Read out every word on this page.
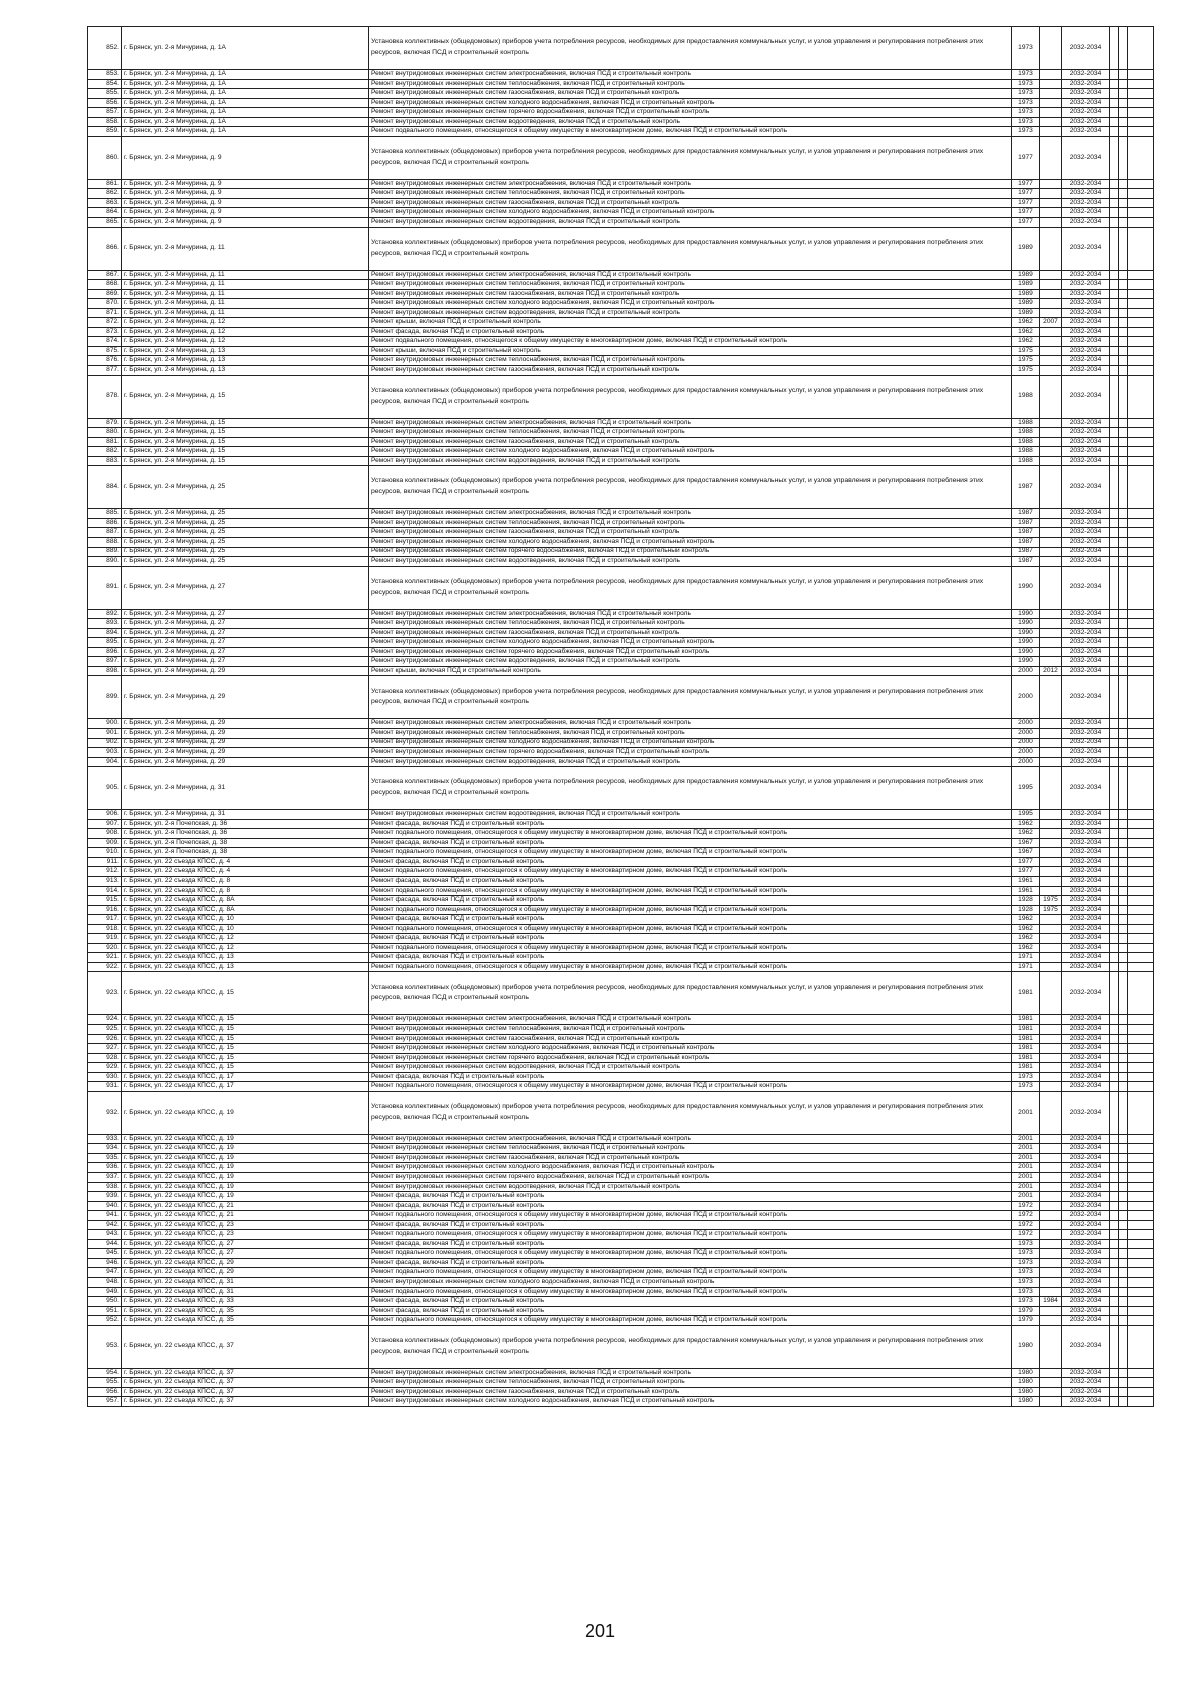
852.	г. Брянск, ул. 2-я Мичурина, д. 1А	Установка коллективных (общедомовых) приборов учета потребления ресурсов, необходимых для предоставления коммунальных услуг, и узлов управления и регулирования потребления этих ресурсов, включая ПСД и строительный контроль	1973		2032-2034			
853.	г. Брянск, ул. 2-я Мичурина, д. 1А	Ремонт внутридомовых инженерных систем электроснабжения, включая ПСД и строительный контроль	1973		2032-2034			
854.	г. Брянск, ул. 2-я Мичурина, д. 1А	Ремонт внутридомовых инженерных систем теплоснабжения, включая ПСД и строительный контроль	1973		2032-2034			
855.	г. Брянск, ул. 2-я Мичурина, д. 1А	Ремонт внутридомовых инженерных систем газоснабжения, включая ПСД и строительный контроль	1973		2032-2034			
856.	г. Брянск, ул. 2-я Мичурина, д. 1А	Ремонт внутридомовых инженерных систем холодного водоснабжения, включая ПСД и строительный контроль	1973		2032-2034			
857.	г. Брянск, ул. 2-я Мичурина, д. 1А	Ремонт внутридомовых инженерных систем горячего водоснабжения, включая ПСД и строительный контроль	1973		2032-2034			
858.	г. Брянск, ул. 2-я Мичурина, д. 1А	Ремонт внутридомовых инженерных систем водоотведения, включая ПСД и строительный контроль	1973		2032-2034			
859.	г. Брянск, ул. 2-я Мичурина, д. 1А	Ремонт подвального помещения, относящегося к общему имуществу в многоквартирном доме, включая ПСД и строительный контроль	1973		2032-2034			
860.	г. Брянск, ул. 2-я Мичурина, д. 9	Установка коллективных (общедомовых) приборов учета потребления ресурсов, необходимых для предоставления коммунальных услуг, и узлов управления и регулирования потребления этих ресурсов, включая ПСД и строительный контроль	1977		2032-2034			
861.	г. Брянск, ул. 2-я Мичурина, д. 9	Ремонт внутридомовых инженерных систем электроснабжения, включая ПСД и строительный контроль	1977		2032-2034			
862.	г. Брянск, ул. 2-я Мичурина, д. 9	Ремонт внутридомовых инженерных систем теплоснабжения, включая ПСД и строительный контроль	1977		2032-2034			
863.	г. Брянск, ул. 2-я Мичурина, д. 9	Ремонт внутридомовых инженерных систем газоснабжения, включая ПСД и строительный контроль	1977		2032-2034			
864.	г. Брянск, ул. 2-я Мичурина, д. 9	Ремонт внутридомовых инженерных систем холодного водоснабжения, включая ПСД и строительный контроль	1977		2032-2034			
865.	г. Брянск, ул. 2-я Мичурина, д. 9	Ремонт внутридомовых инженерных систем водоотведения, включая ПСД и строительный контроль	1977		2032-2034			
866.	г. Брянск, ул. 2-я Мичурина, д. 11	Установка коллективных (общедомовых) приборов учета потребления ресурсов, необходимых для предоставления коммунальных услуг, и узлов управления и регулирования потребления этих ресурсов, включая ПСД и строительный контроль	1989		2032-2034			
867.	г. Брянск, ул. 2-я Мичурина, д. 11	Ремонт внутридомовых инженерных систем электроснабжения, включая ПСД и строительный контроль	1989		2032-2034			
868.	г. Брянск, ул. 2-я Мичурина, д. 11	Ремонт внутридомовых инженерных систем теплоснабжения, включая ПСД и строительный контроль	1989		2032-2034			
869.	г. Брянск, ул. 2-я Мичурина, д. 11	Ремонт внутридомовых инженерных систем газоснабжения, включая ПСД и строительный контроль	1989		2032-2034			
870.	г. Брянск, ул. 2-я Мичурина, д. 11	Ремонт внутридомовых инженерных систем холодного водоснабжения, включая ПСД и строительный контроль	1989		2032-2034			
871.	г. Брянск, ул. 2-я Мичурина, д. 11	Ремонт внутридомовых инженерных систем водоотведения, включая ПСД и строительный контроль	1989		2032-2034			
872.	г. Брянск, ул. 2-я Мичурина, д. 12	Ремонт крыши, включая ПСД и строительный контроль	1962	2007	2032-2034			
873.	г. Брянск, ул. 2-я Мичурина, д. 12	Ремонт фасада, включая ПСД и строительный контроль	1962		2032-2034			
874.	г. Брянск, ул. 2-я Мичурина, д. 12	Ремонт подвального помещения, относящегося к общему имуществу в многоквартирном доме, включая ПСД и строительный контроль	1962		2032-2034			
875.	г. Брянск, ул. 2-я Мичурина, д. 13	Ремонт крыши, включая ПСД и строительный контроль	1975		2032-2034			
876.	г. Брянск, ул. 2-я Мичурина, д. 13	Ремонт внутридомовых инженерных систем теплоснабжения, включая ПСД и строительный контроль	1975		2032-2034			
877.	г. Брянск, ул. 2-я Мичурина, д. 13	Ремонт внутридомовых инженерных систем газоснабжения, включая ПСД и строительный контроль	1975		2032-2034			
878.	г. Брянск, ул. 2-я Мичурина, д. 15	Установка коллективных (общедомовых) приборов учета потребления ресурсов, необходимых для предоставления коммунальных услуг, и узлов управления и регулирования потребления этих ресурсов, включая ПСД и строительный контроль	1988		2032-2034			
879.	г. Брянск, ул. 2-я Мичурина, д. 15	Ремонт внутридомовых инженерных систем электроснабжения, включая ПСД и строительный контроль	1988		2032-2034			
880.	г. Брянск, ул. 2-я Мичурина, д. 15	Ремонт внутридомовых инженерных систем теплоснабжения, включая ПСД и строительный контроль	1988		2032-2034			
881.	г. Брянск, ул. 2-я Мичурина, д. 15	Ремонт внутридомовых инженерных систем газоснабжения, включая ПСД и строительный контроль	1988		2032-2034			
882.	г. Брянск, ул. 2-я Мичурина, д. 15	Ремонт внутридомовых инженерных систем холодного водоснабжения, включая ПСД и строительный контроль	1988		2032-2034			
883.	г. Брянск, ул. 2-я Мичурина, д. 15	Ремонт внутридомовых инженерных систем водоотведения, включая ПСД и строительный контроль	1988		2032-2034			
884.	г. Брянск, ул. 2-я Мичурина, д. 25	Установка коллективных (общедомовых) приборов учета потребления ресурсов, необходимых для предоставления коммунальных услуг, и узлов управления и регулирования потребления этих ресурсов, включая ПСД и строительный контроль	1987		2032-2034			
885.	г. Брянск, ул. 2-я Мичурина, д. 25	Ремонт внутридомовых инженерных систем электроснабжения, включая ПСД и строительный контроль	1987		2032-2034			
886.	г. Брянск, ул. 2-я Мичурина, д. 25	Ремонт внутридомовых инженерных систем теплоснабжения, включая ПСД и строительный контроль	1987		2032-2034			
887.	г. Брянск, ул. 2-я Мичурина, д. 25	Ремонт внутридомовых инженерных систем газоснабжения, включая ПСД и строительный контроль	1987		2032-2034			
888.	г. Брянск, ул. 2-я Мичурина, д. 25	Ремонт внутридомовых инженерных систем холодного водоснабжения, включая ПСД и строительный контроль	1987		2032-2034			
889.	г. Брянск, ул. 2-я Мичурина, д. 25	Ремонт внутридомовых инженерных систем горячего водоснабжения, включая ПСД и строительный контроль	1987		2032-2034			
890.	г. Брянск, ул. 2-я Мичурина, д. 25	Ремонт внутридомовых инженерных систем водоотведения, включая ПСД и строительный контроль	1987		2032-2034			
891.	г. Брянск, ул. 2-я Мичурина, д. 27	Установка коллективных (общедомовых) приборов учета потребления ресурсов, необходимых для предоставления коммунальных услуг, и узлов управления и регулирования потребления этих ресурсов, включая ПСД и строительный контроль	1990		2032-2034			
892.	г. Брянск, ул. 2-я Мичурина, д. 27	Ремонт внутридомовых инженерных систем электроснабжения, включая ПСД и строительный контроль	1990		2032-2034			
893.	г. Брянск, ул. 2-я Мичурина, д. 27	Ремонт внутридомовых инженерных систем теплоснабжения, включая ПСД и строительный контроль	1990		2032-2034			
894.	г. Брянск, ул. 2-я Мичурина, д. 27	Ремонт внутридомовых инженерных систем газоснабжения, включая ПСД и строительный контроль	1990		2032-2034			
895.	г. Брянск, ул. 2-я Мичурина, д. 27	Ремонт внутридомовых инженерных систем холодного водоснабжения, включая ПСД и строительный контроль	1990		2032-2034			
896.	г. Брянск, ул. 2-я Мичурина, д. 27	Ремонт внутридомовых инженерных систем горячего водоснабжения, включая ПСД и строительный контроль	1990		2032-2034			
897.	г. Брянск, ул. 2-я Мичурина, д. 27	Ремонт внутридомовых инженерных систем водоотведения, включая ПСД и строительный контроль	1990		2032-2034			
898.	г. Брянск, ул. 2-я Мичурина, д. 29	Ремонт крыши, включая ПСД и строительный контроль	2000	2012	2032-2034			
899.	г. Брянск, ул. 2-я Мичурина, д. 29	Установка коллективных (общедомовых) приборов учета потребления ресурсов, необходимых для предоставления коммунальных услуг, и узлов управления и регулирования потребления этих ресурсов, включая ПСД и строительный контроль	2000		2032-2034			
900.	г. Брянск, ул. 2-я Мичурина, д. 29	Ремонт внутридомовых инженерных систем электроснабжения, включая ПСД и строительный контроль	2000		2032-2034			
901.	г. Брянск, ул. 2-я Мичурина, д. 29	Ремонт внутридомовых инженерных систем теплоснабжения, включая ПСД и строительный контроль	2000		2032-2034			
902.	г. Брянск, ул. 2-я Мичурина, д. 29	Ремонт внутридомовых инженерных систем холодного водоснабжения, включая ПСД и строительный контроль	2000		2032-2034			
903.	г. Брянск, ул. 2-я Мичурина, д. 29	Ремонт внутридомовых инженерных систем горячего водоснабжения, включая ПСД и строительный контроль	2000		2032-2034			
904.	г. Брянск, ул. 2-я Мичурина, д. 29	Ремонт внутридомовых инженерных систем водоотведения, включая ПСД и строительный контроль	2000		2032-2034			
905.	г. Брянск, ул. 2-я Мичурина, д. 31	Установка коллективных (общедомовых) приборов учета потребления ресурсов, необходимых для предоставления коммунальных услуг, и узлов управления и регулирования потребления этих ресурсов, включая ПСД и строительный контроль	1995		2032-2034			
906.	г. Брянск, ул. 2-я Мичурина, д. 31	Ремонт внутридомовых инженерных систем водоотведения, включая ПСД и строительный контроль	1995		2032-2034			
907.	г. Брянск, ул. 2-я Почепская, д. 36	Ремонт фасада, включая ПСД и строительный контроль	1962		2032-2034			
908.	г. Брянск, ул. 2-я Почепская, д. 36	Ремонт подвального помещения, относящегося к общему имуществу в многоквартирном доме, включая ПСД и строительный контроль	1962		2032-2034			
909.	г. Брянск, ул. 2-я Почепская, д. 38	Ремонт фасада, включая ПСД и строительный контроль	1967		2032-2034			
910.	г. Брянск, ул. 2-я Почепская, д. 38	Ремонт подвального помещения, относящегося к общему имуществу в многоквартирном доме, включая ПСД и строительный контроль	1967		2032-2034			
911.	г. Брянск, ул. 22 съезда КПСС, д. 4	Ремонт фасада, включая ПСД и строительный контроль	1977		2032-2034			
912.	г. Брянск, ул. 22 съезда КПСС, д. 4	Ремонт подвального помещения, относящегося к общему имуществу в многоквартирном доме, включая ПСД и строительный контроль	1977		2032-2034			
913.	г. Брянск, ул. 22 съезда КПСС, д. 8	Ремонт фасада, включая ПСД и строительный контроль	1961		2032-2034			
914.	г. Брянск, ул. 22 съезда КПСС, д. 8	Ремонт подвального помещения, относящегося к общему имуществу в многоквартирном доме, включая ПСД и строительный контроль	1961		2032-2034			
915.	г. Брянск, ул. 22 съезда КПСС, д. 8А	Ремонт фасада, включая ПСД и строительный контроль	1928	1975	2032-2034			
916.	г. Брянск, ул. 22 съезда КПСС, д. 8А	Ремонт подвального помещения, относящегося к общему имуществу в многоквартирном доме, включая ПСД и строительный контроль	1928	1975	2032-2034			
917.	г. Брянск, ул. 22 съезда КПСС, д. 10	Ремонт фасада, включая ПСД и строительный контроль	1962		2032-2034			
918.	г. Брянск, ул. 22 съезда КПСС, д. 10	Ремонт подвального помещения, относящегося к общему имуществу в многоквартирном доме, включая ПСД и строительный контроль	1962		2032-2034			
919.	г. Брянск, ул. 22 съезда КПСС, д. 12	Ремонт фасада, включая ПСД и строительный контроль	1962		2032-2034			
920.	г. Брянск, ул. 22 съезда КПСС, д. 12	Ремонт подвального помещения, относящегося к общему имуществу в многоквартирном доме, включая ПСД и строительный контроль	1962		2032-2034			
921.	г. Брянск, ул. 22 съезда КПСС, д. 13	Ремонт фасада, включая ПСД и строительный контроль	1971		2032-2034			
922.	г. Брянск, ул. 22 съезда КПСС, д. 13	Ремонт подвального помещения, относящегося к общему имуществу в многоквартирном доме, включая ПСД и строительный контроль	1971		2032-2034			
923.	г. Брянск, ул. 22 съезда КПСС, д. 15	Установка коллективных (общедомовых) приборов учета потребления ресурсов, необходимых для предоставления коммунальных услуг, и узлов управления и регулирования потребления этих ресурсов, включая ПСД и строительный контроль	1981		2032-2034			
924.	г. Брянск, ул. 22 съезда КПСС, д. 15	Ремонт внутридомовых инженерных систем электроснабжения, включая ПСД и строительный контроль	1981		2032-2034			
925.	г. Брянск, ул. 22 съезда КПСС, д. 15	Ремонт внутридомовых инженерных систем теплоснабжения, включая ПСД и строительный контроль	1981		2032-2034			
926.	г. Брянск, ул. 22 съезда КПСС, д. 15	Ремонт внутридомовых инженерных систем газоснабжения, включая ПСД и строительный контроль	1981		2032-2034			
927.	г. Брянск, ул. 22 съезда КПСС, д. 15	Ремонт внутридомовых инженерных систем холодного водоснабжения, включая ПСД и строительный контроль	1981		2032-2034			
928.	г. Брянск, ул. 22 съезда КПСС, д. 15	Ремонт внутридомовых инженерных систем горячего водоснабжения, включая ПСД и строительный контроль	1981		2032-2034			
929.	г. Брянск, ул. 22 съезда КПСС, д. 15	Ремонт внутридомовых инженерных систем водоотведения, включая ПСД и строительный контроль	1981		2032-2034			
930.	г. Брянск, ул. 22 съезда КПСС, д. 17	Ремонт фасада, включая ПСД и строительный контроль	1973		2032-2034			
931.	г. Брянск, ул. 22 съезда КПСС, д. 17	Ремонт подвального помещения, относящегося к общему имуществу в многоквартирном доме, включая ПСД и строительный контроль	1973		2032-2034			
932.	г. Брянск, ул. 22 съезда КПСС, д. 19	Установка коллективных (общедомовых) приборов учета потребления ресурсов, необходимых для предоставления коммунальных услуг, и узлов управления и регулирования потребления этих ресурсов, включая ПСД и строительный контроль	2001		2032-2034			
933.	г. Брянск, ул. 22 съезда КПСС, д. 19	Ремонт внутридомовых инженерных систем электроснабжения, включая ПСД и строительный контроль	2001		2032-2034			
934.	г. Брянск, ул. 22 съезда КПСС, д. 19	Ремонт внутридомовых инженерных систем теплоснабжения, включая ПСД и строительный контроль	2001		2032-2034			
935.	г. Брянск, ул. 22 съезда КПСС, д. 19	Ремонт внутридомовых инженерных систем газоснабжения, включая ПСД и строительный контроль	2001		2032-2034			
936.	г. Брянск, ул. 22 съезда КПСС, д. 19	Ремонт внутридомовых инженерных систем холодного водоснабжения, включая ПСД и строительный контроль	2001		2032-2034			
937.	г. Брянск, ул. 22 съезда КПСС, д. 19	Ремонт внутридомовых инженерных систем горячего водоснабжения, включая ПСД и строительный контроль	2001		2032-2034			
938.	г. Брянск, ул. 22 съезда КПСС, д. 19	Ремонт внутридомовых инженерных систем водоотведения, включая ПСД и строительный контроль	2001		2032-2034			
939.	г. Брянск, ул. 22 съезда КПСС, д. 19	Ремонт фасада, включая ПСД и строительный контроль	2001		2032-2034			
940.	г. Брянск, ул. 22 съезда КПСС, д. 21	Ремонт фасада, включая ПСД и строительный контроль	1972		2032-2034			
941.	г. Брянск, ул. 22 съезда КПСС, д. 21	Ремонт подвального помещения, относящегося к общему имуществу в многоквартирном доме, включая ПСД и строительный контроль	1972		2032-2034			
942.	г. Брянск, ул. 22 съезда КПСС, д. 23	Ремонт фасада, включая ПСД и строительный контроль	1972		2032-2034			
943.	г. Брянск, ул. 22 съезда КПСС, д. 23	Ремонт подвального помещения, относящегося к общему имуществу в многоквартирном доме, включая ПСД и строительный контроль	1972		2032-2034			
944.	г. Брянск, ул. 22 съезда КПСС, д. 27	Ремонт фасада, включая ПСД и строительный контроль	1973		2032-2034			
945.	г. Брянск, ул. 22 съезда КПСС, д. 27	Ремонт подвального помещения, относящегося к общему имуществу в многоквартирном доме, включая ПСД и строительный контроль	1973		2032-2034			
946.	г. Брянск, ул. 22 съезда КПСС, д. 29	Ремонт фасада, включая ПСД и строительный контроль	1973		2032-2034			
947.	г. Брянск, ул. 22 съезда КПСС, д. 29	Ремонт подвального помещения, относящегося к общему имуществу в многоквартирном доме, включая ПСД и строительный контроль	1973		2032-2034			
948.	г. Брянск, ул. 22 съезда КПСС, д. 31	Ремонт внутридомовых инженерных систем холодного водоснабжения, включая ПСД и строительный контроль	1973		2032-2034			
949.	г. Брянск, ул. 22 съезда КПСС, д. 31	Ремонт подвального помещения, относящегося к общему имуществу в многоквартирном доме, включая ПСД и строительный контроль	1973		2032-2034			
950.	г. Брянск, ул. 22 съезда КПСС, д. 33	Ремонт фасада, включая ПСД и строительный контроль	1973	1984	2032-2034			
951.	г. Брянск, ул. 22 съезда КПСС, д. 35	Ремонт фасада, включая ПСД и строительный контроль	1979		2032-2034			
952.	г. Брянск, ул. 22 съезда КПСС, д. 35	Ремонт подвального помещения, относящегося к общему имуществу в многоквартирном доме, включая ПСД и строительный контроль	1979		2032-2034			
953.	г. Брянск, ул. 22 съезда КПСС, д. 37	Установка коллективных (общедомовых) приборов учета потребления ресурсов, необходимых для предоставления коммунальных услуг, и узлов управления и регулирования потребления этих ресурсов, включая ПСД и строительный контроль	1980		2032-2034			
954.	г. Брянск, ул. 22 съезда КПСС, д. 37	Ремонт внутридомовых инженерных систем электроснабжения, включая ПСД и строительный контроль	1980		2032-2034			
955.	г. Брянск, ул. 22 съезда КПСС, д. 37	Ремонт внутридомовых инженерных систем теплоснабжения, включая ПСД и строительный контроль	1980		2032-2034			
956.	г. Брянск, ул. 22 съезда КПСС, д. 37	Ремонт внутридомовых инженерных систем газоснабжения, включая ПСД и строительный контроль	1980		2032-2034			
957.	г. Брянск, ул. 22 съезда КПСС, д. 37	Ремонт внутридомовых инженерных систем холодного водоснабжения, включая ПСД и строительный контроль	1980		2032-2034			
201
